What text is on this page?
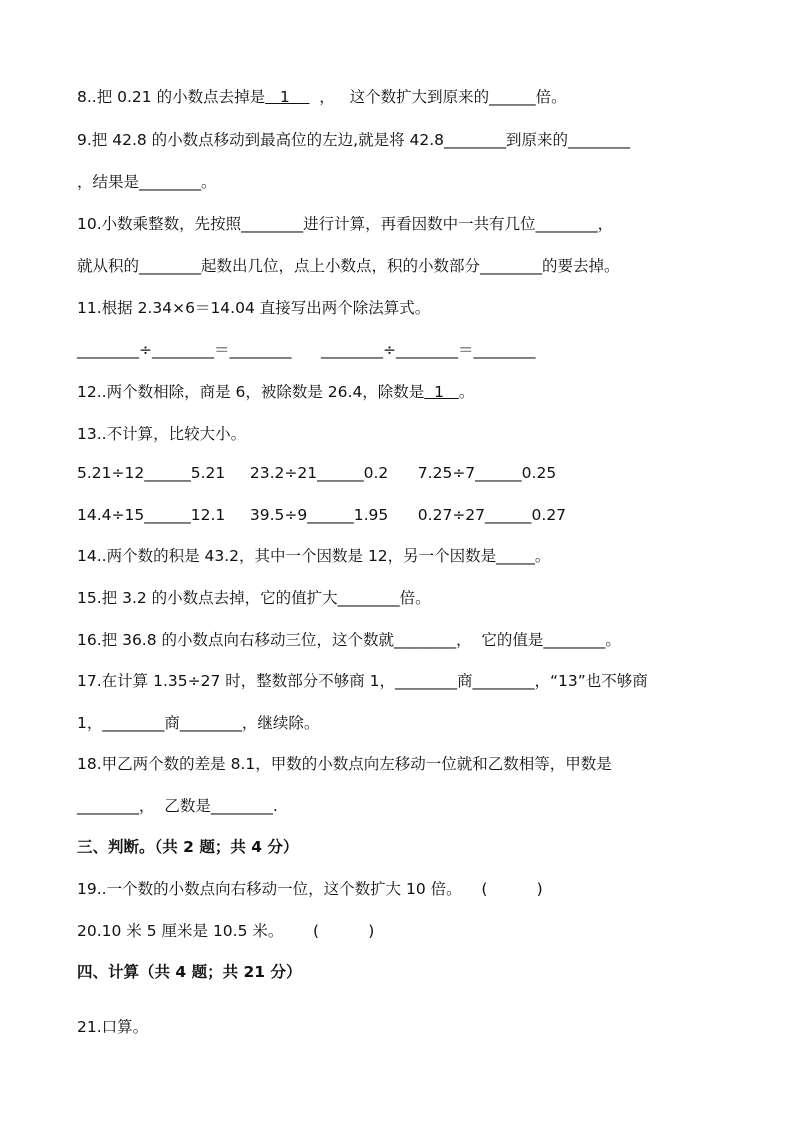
8..把 0.21 的小数点去掉是   1      ，   这个数扩大到原来的______倍。
9.把 42.8 的小数点移动到最高位的左边,就是将 42.8________到原来的________
，结果是________。
10.小数乘整数，先按照________进行计算，再看因数中一共有几位________，
就从积的________起数出几位，点上小数点，积的小数部分________的要去掉。
11.根据 2.34×6＝14.04 直接写出两个除法算式。
________÷________＝________      ________÷________＝________
12..两个数相除，商是 6，被除数是 26.4，除数是  1   。
13..不计算，比较大小。
5.21÷12______5.21     23.2÷21______0.2      7.25÷7______0.25
14.4÷15______12.1     39.5÷9______1.95      0.27÷27______0.27
14..两个数的积是 43.2，其中一个因数是 12，另一个因数是_____。
15.把 3.2 的小数点去掉，它的值扩大________倍。
16.把 36.8 的小数点向右移动三位，这个数就________，  它的值是________。
17.在计算 1.35÷27 时，整数部分不够商 1，________商________，“13”也不够商
1，________商________，继续除。
18.甲乙两个数的差是 8.1，甲数的小数点向左移动一位就和乙数相等，甲数是
________，  乙数是________.
三、判断。（共 2 题；共 4 分）
19..一个数的小数点向右移动一位，这个数扩大 10 倍。    (          )
20.10 米 5 厘米是 10.5 米。      (          )
四、计算（共 4 题；共 21 分）
21.口算。
